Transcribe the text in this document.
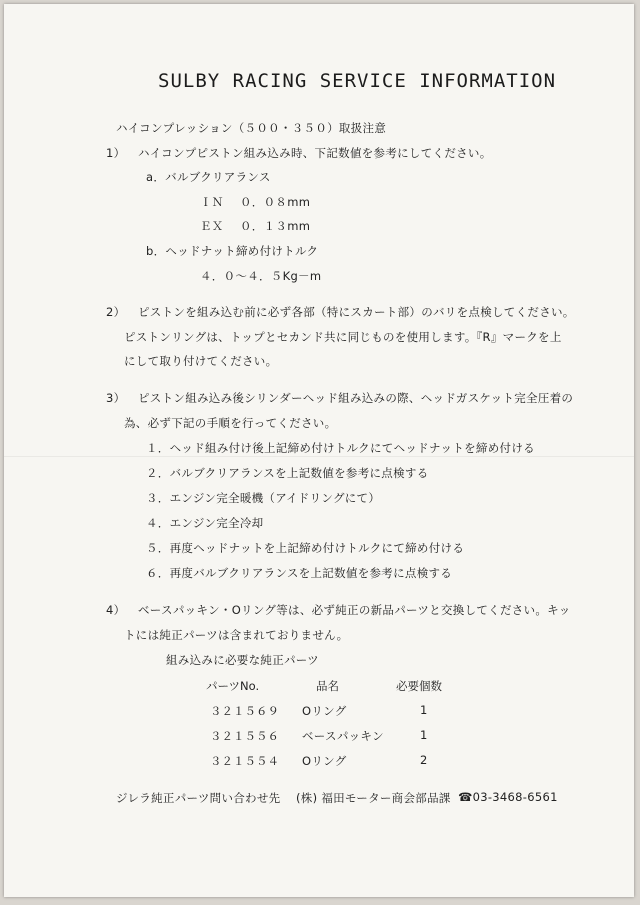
SULBY RACING SERVICE INFORMATION
ハイコンプレッション（５００・３５０）取扱注意
1） ハイコンプピストン組み込み時、下記数値を参考にしてください。
a．バルブクリアランス
ＩＮ ０．０８mm
ＥＸ ０．１３mm
b．ヘッドナット締め付けトルク
４．０～４．５Kg－m
2） ピストンを組み込む前に必ず各部（特にスカート部）のバリを点検してください。
ピストンリングは、トップとセカンド共に同じものを使用します。『R』マークを上
にして取り付けてください。
3） ピストン組み込み後シリンダーヘッド組み込みの際、ヘッドガスケット完全圧着の
為、必ず下記の手順を行ってください。
１．ヘッド組み付け後上記締め付けトルクにてヘッドナットを締め付ける
２．バルブクリアランスを上記数値を参考に点検する
３．エンジン完全暖機（アイドリングにて）
４．エンジン完全冷却
５．再度ヘッドナットを上記締め付けトルクにて締め付ける
６．再度バルブクリアランスを上記数値を参考に点検する
4） ベースパッキン・Oリング等は、必ず純正の新品パーツと交換してください。キッ
トには純正パーツは含まれておりません。
組み込みに必要な純正パーツ
パーツNo.	品名	必要個数
３２１５６９ Oリング	1
３２１５５６ ベースパッキン	1
３２１５５４ Oリング	2
ジレラ純正パーツ問い合わせ先 (株) 福田モーター商会部品課 ☎03-3468-6561
